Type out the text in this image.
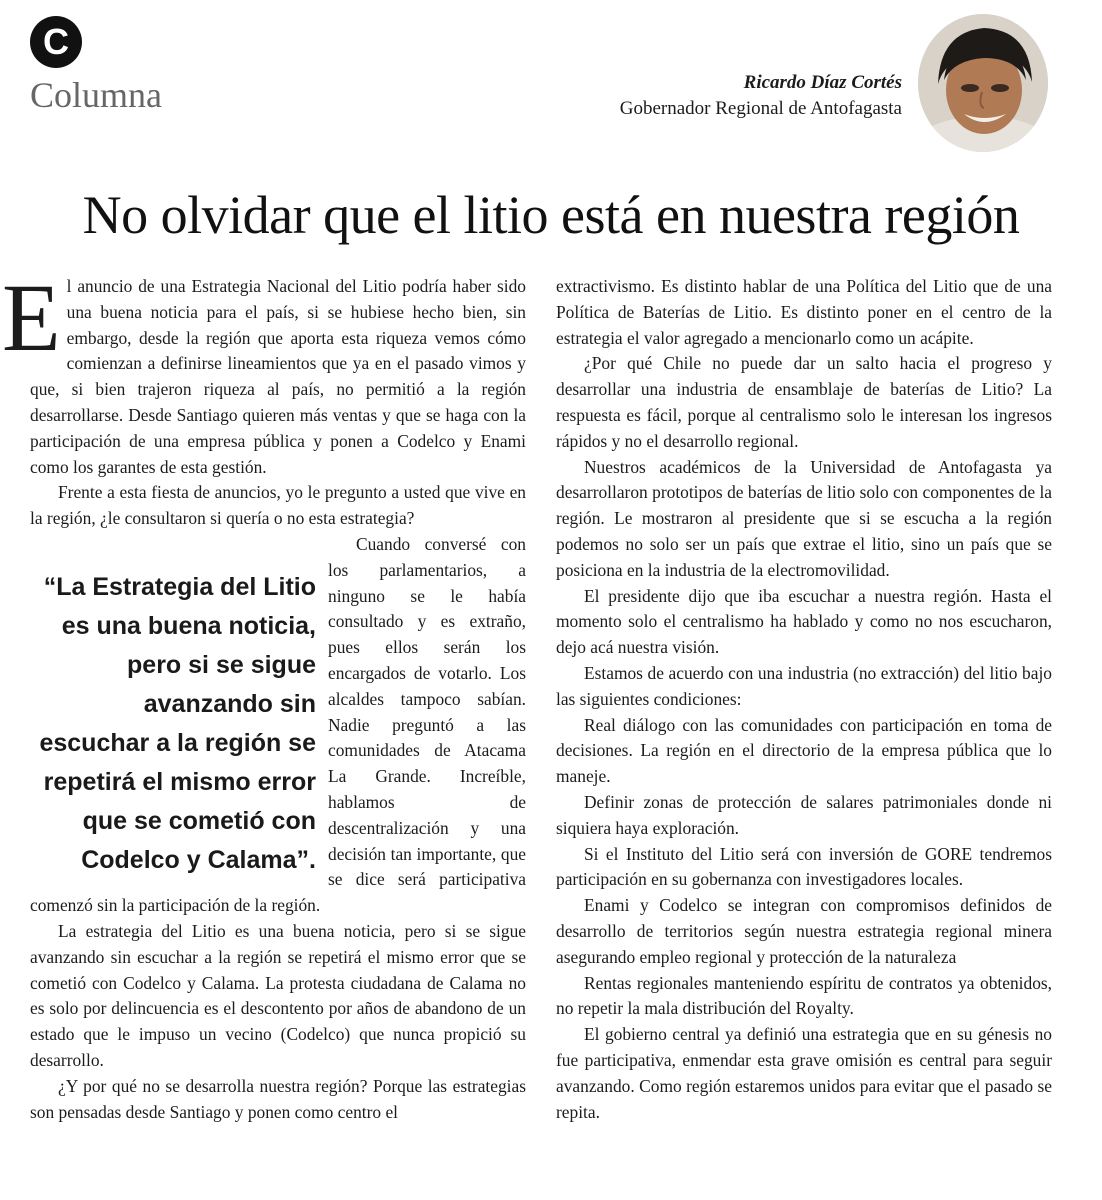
C
Columna	Ricardo Díaz Cortés
Gobernador Regional de Antofagasta
No olvidar que el litio está en nuestra región

El anuncio de una Estrategia Nacional del Litio podría haber sido una buena noticia para el país, si se hubiese hecho bien, sin embargo, desde la región que aporta esta riqueza vemos cómo comienzan a definirse lineamientos que ya en el pasado vimos y que, si bien trajeron riqueza al país, no permitió a la región desarrollarse. Desde Santiago quieren más ventas y que se haga con la participación de una empresa pública y ponen a Codelco y Enami como los garantes de esta gestión.

Frente a esta fiesta de anuncios, yo le pregunto a usted que vive en la región, ¿le consultaron si quería o no esta estrategia?

“La Estrategia del Litio es una buena noticia, pero si se sigue avanzando sin escuchar a la región se repetirá el mismo error que se cometió con Codelco y Calama”.

Cuando conversé con los parlamentarios, a ninguno se le había consultado y es extraño, pues ellos serán los encargados de votarlo. Los alcaldes tampoco sabían. Nadie preguntó a las comunidades de Atacama La Grande. Increíble, hablamos de descentralización y una decisión tan importante, que se dice será participativa comenzó sin la participación de la región.

La estrategia del Litio es una buena noticia, pero si se sigue avanzando sin escuchar a la región se repetirá el mismo error que se cometió con Codelco y Calama. La protesta ciudadana de Calama no es solo por delincuencia es el descontento por años de abandono de un estado que le impuso un vecino (Codelco) que nunca propició su desarrollo.

¿Y por qué no se desarrolla nuestra región? Porque las estrategias son pensadas desde Santiago y ponen como centro el

extractivismo. Es distinto hablar de una Política del Litio que de una Política de Baterías de Litio. Es distinto poner en el centro de la estrategia el valor agregado a mencionarlo como un acápite.

¿Por qué Chile no puede dar un salto hacia el progreso y desarrollar una industria de ensamblaje de baterías de Litio? La respuesta es fácil, porque al centralismo solo le interesan los ingresos rápidos y no el desarrollo regional.

Nuestros académicos de la Universidad de Antofagasta ya desarrollaron prototipos de baterías de litio solo con componentes de la región. Le mostraron al presidente que si se escucha a la región podemos no solo ser un país que extrae el litio, sino un país que se posiciona en la industria de la electromovilidad.

El presidente dijo que iba escuchar a nuestra región. Hasta el momento solo el centralismo ha hablado y como no nos escucharon, dejo acá nuestra visión.

Estamos de acuerdo con una industria (no extracción) del litio bajo las siguientes condiciones:

Real diálogo con las comunidades con participación en toma de decisiones. La región en el directorio de la empresa pública que lo maneje.

Definir zonas de protección de salares patrimoniales donde ni siquiera haya exploración.

Si el Instituto del Litio será con inversión de GORE tendremos participación en su gobernanza con investigadores locales.

Enami y Codelco se integran con compromisos definidos de desarrollo de territorios según nuestra estrategia regional minera asegurando empleo regional y protección de la naturaleza

Rentas regionales manteniendo espíritu de contratos ya obtenidos, no repetir la mala distribución del Royalty.

El gobierno central ya definió una estrategia que en su génesis no fue participativa, enmendar esta grave omisión es central para seguir avanzando. Como región estaremos unidos para evitar que el pasado se repita.
